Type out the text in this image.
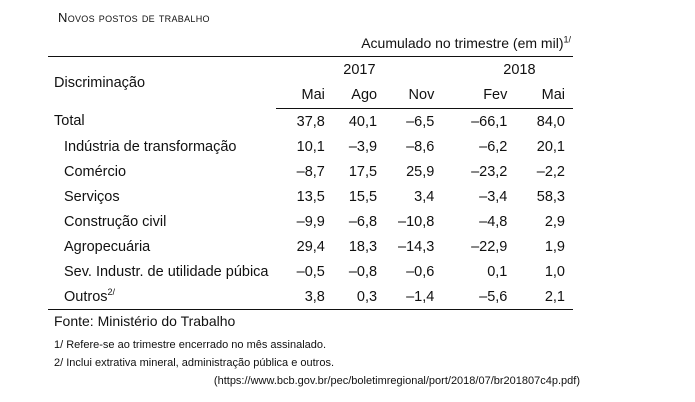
Novos postos de trabalho
Acumulado no trimestre (em mil)$^{1/}$
Discriminação	2017				2018	
	Mai	Ago	Nov		Fev	Mai
Total	37,8	40,1	–6,5		–66,1	84,0
Indústria de transformação	10,1	–3,9	–8,6		–6,2	20,1
Comércio	–8,7	17,5	25,9		–23,2	–2,2
Serviços	13,5	15,5	3,4		–3,4	58,3
Construção civil	–9,9	–6,8	–10,8		–4,8	2,9
Agropecuária	29,4	18,3	–14,3		–22,9	1,9
Sev. Industr. de utilidade púbica	–0,5	–0,8	–0,6		0,1	1,0
Outros$^{2/}$	3,8	0,3	–1,4		–5,6	2,1
Fonte: Ministério do Trabalho
1/ Refere-se ao trimestre encerrado no mês assinalado.
2/ Inclui extrativa mineral, administração pública e outros.
(https://www.bcb.gov.br/pec/boletimregional/port/2018/07/br201807c4p.pdf)
